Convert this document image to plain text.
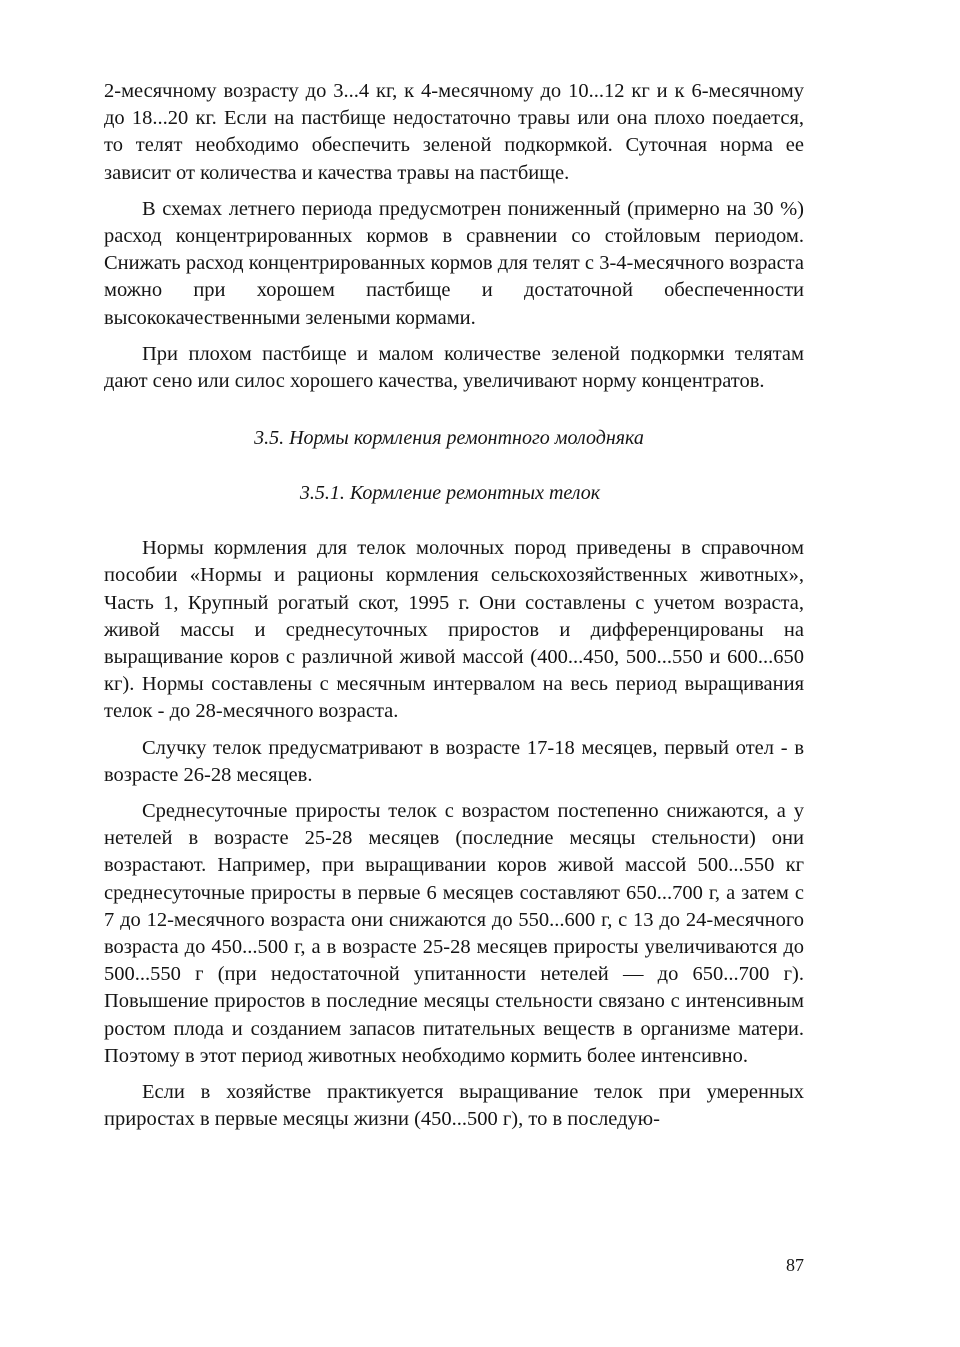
2-месячному возрасту до 3...4 кг, к 4-месячному до 10...12 кг и к 6-месячному до 18...20 кг. Если на пастбище недостаточно травы или она плохо поедается, то телят необходимо обеспечить зеленой подкормкой. Суточная норма ее зависит от количества и качества травы на пастбище.

В схемах летнего периода предусмотрен пониженный (примерно на 30 %) расход концентрированных кормов в сравнении со стойловым периодом. Снижать расход концентрированных кормов для телят с 3-4-месячного возраста можно при хорошем пастбище и достаточной обеспеченности высококачественными зелеными кормами.

При плохом пастбище и малом количестве зеленой подкормки телятам дают сено или силос хорошего качества, увеличивают норму концентратов.

3.5. Нормы кормления ремонтного молодняка
3.5.1. Кормление ремонтных телок

Нормы кормления для телок молочных пород приведены в справочном пособии «Нормы и рационы кормления сельскохозяйственных животных», Часть 1, Крупный рогатый скот, 1995 г. Они составлены с учетом возраста, живой массы и среднесуточных приростов и дифференцированы на выращивание коров с различной живой массой (400...450, 500...550 и 600...650 кг). Нормы составлены с месячным интервалом на весь период выращивания телок - до 28-месячного возраста.

Случку телок предусматривают в возрасте 17-18 месяцев, первый отел - в возрасте 26-28 месяцев.

Среднесуточные приросты телок с возрастом постепенно снижаются, а у нетелей в возрасте 25-28 месяцев (последние месяцы стельности) они возрастают. Например, при выращивании коров живой массой 500...550 кг среднесуточные приросты в первые 6 месяцев составляют 650...700 г, а затем с 7 до 12-месячного возраста они снижаются до 550...600 г, с 13 до 24-месячного возраста до 450...500 г, а в возрасте 25-28 месяцев приросты увеличиваются до 500...550 г (при недостаточной упитанности нетелей — до 650...700 г). Повышение приростов в последние месяцы стельности связано с интенсивным ростом плода и созданием запасов питательных веществ в организме матери. Поэтому в этот период животных необходимо кормить более интенсивно.

Если в хозяйстве практикуется выращивание телок при умеренных приростах в первые месяцы жизни (450...500 г), то в последую-

87
